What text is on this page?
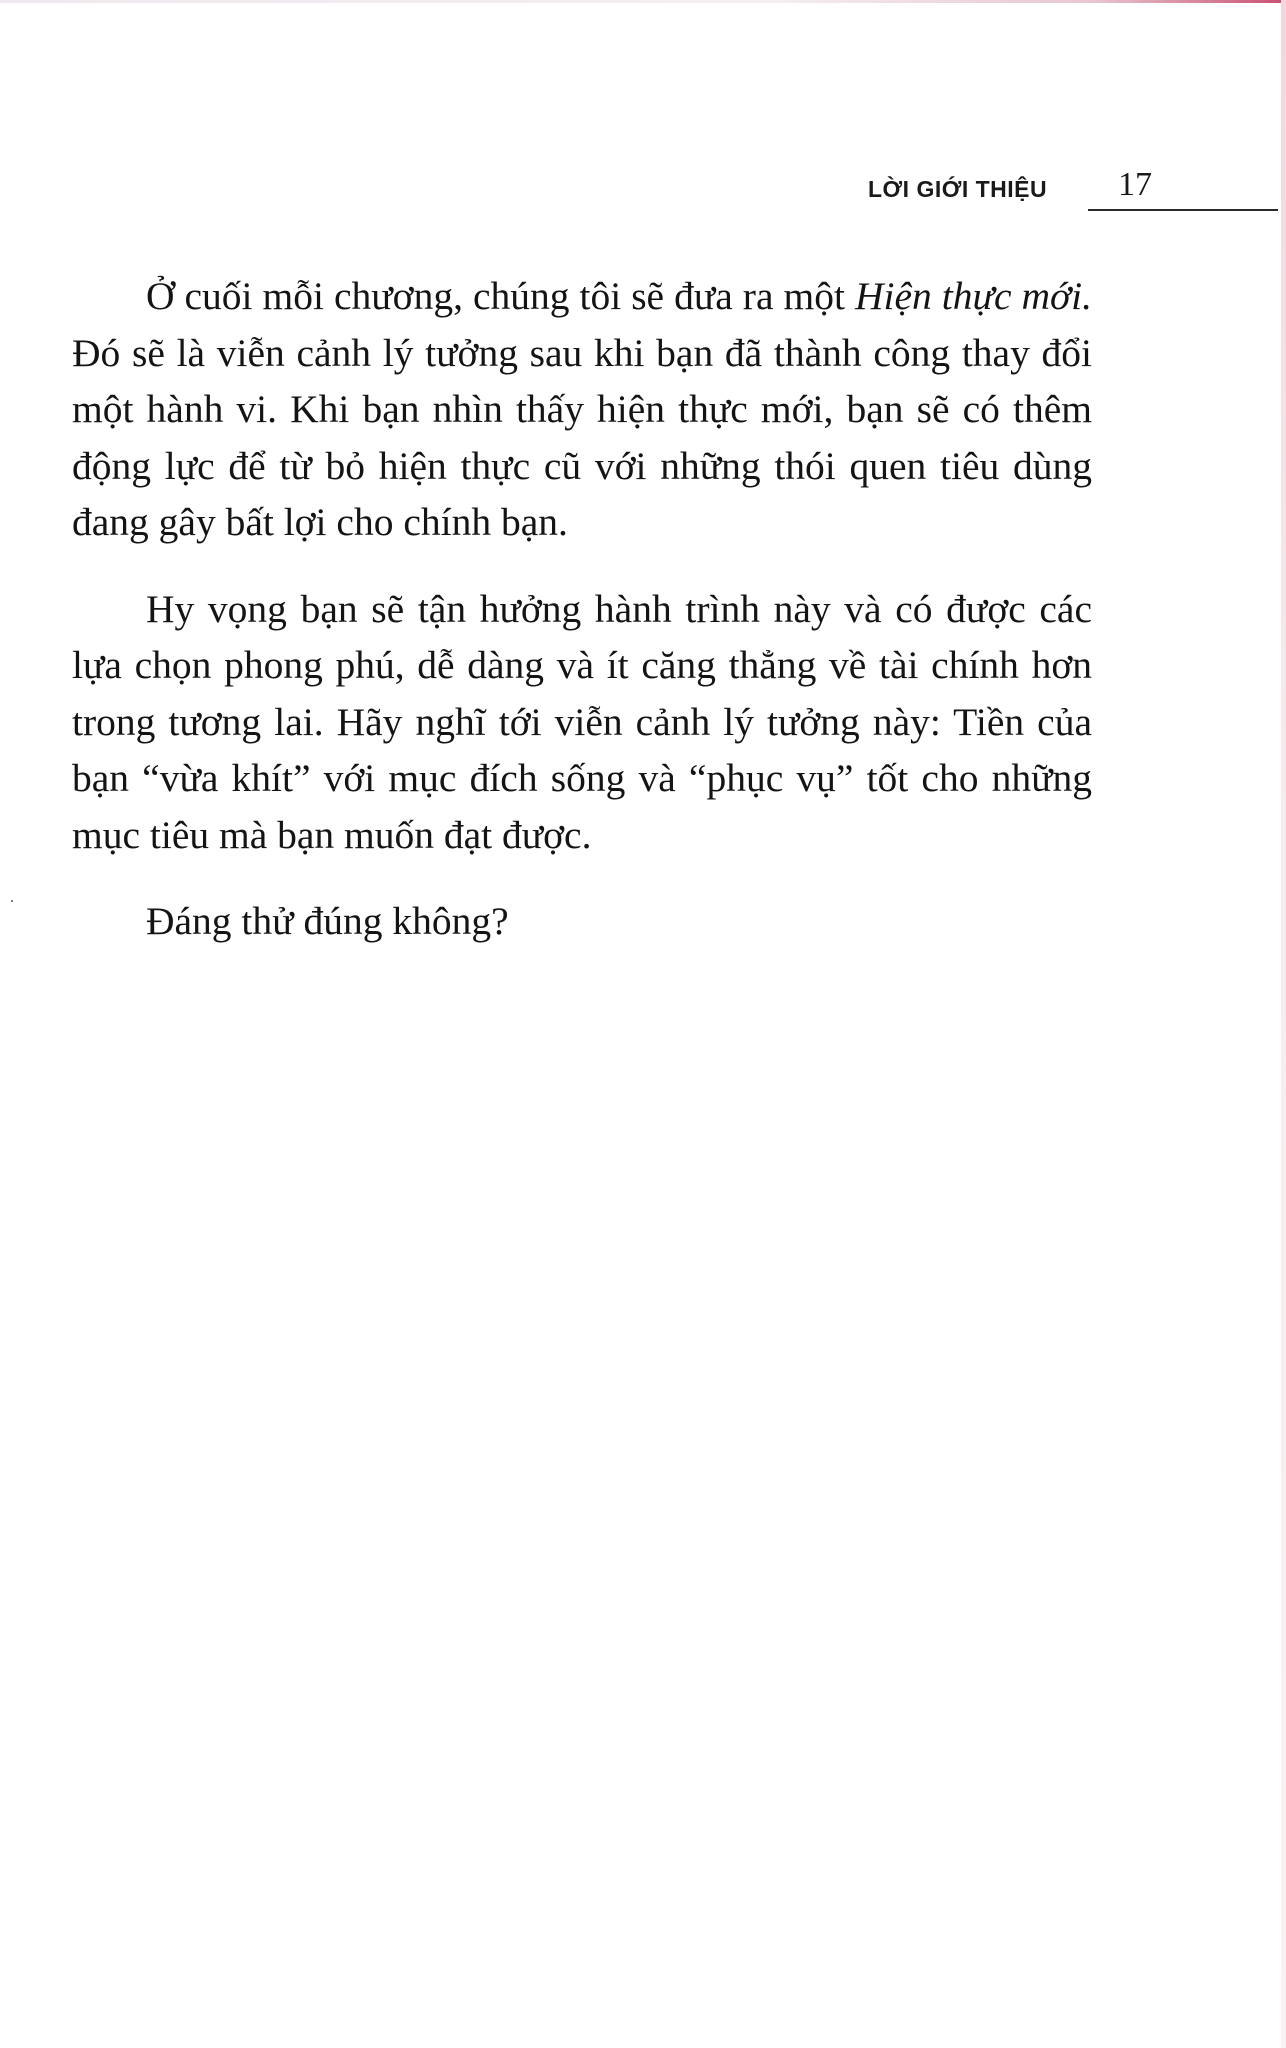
LỜI GIỚI THIỆU 17

Ở cuối mỗi chương, chúng tôi sẽ đưa ra một Hiện thực mới. Đó sẽ là viễn cảnh lý tưởng sau khi bạn đã thành công thay đổi một hành vi. Khi bạn nhìn thấy hiện thực mới, bạn sẽ có thêm động lực để từ bỏ hiện thực cũ với những thói quen tiêu dùng đang gây bất lợi cho chính bạn.

Hy vọng bạn sẽ tận hưởng hành trình này và có được các lựa chọn phong phú, dễ dàng và ít căng thẳng về tài chính hơn trong tương lai. Hãy nghĩ tới viễn cảnh lý tưởng này: Tiền của bạn “vừa khít” với mục đích sống và “phục vụ” tốt cho những mục tiêu mà bạn muốn đạt được.

Đáng thử đúng không?
